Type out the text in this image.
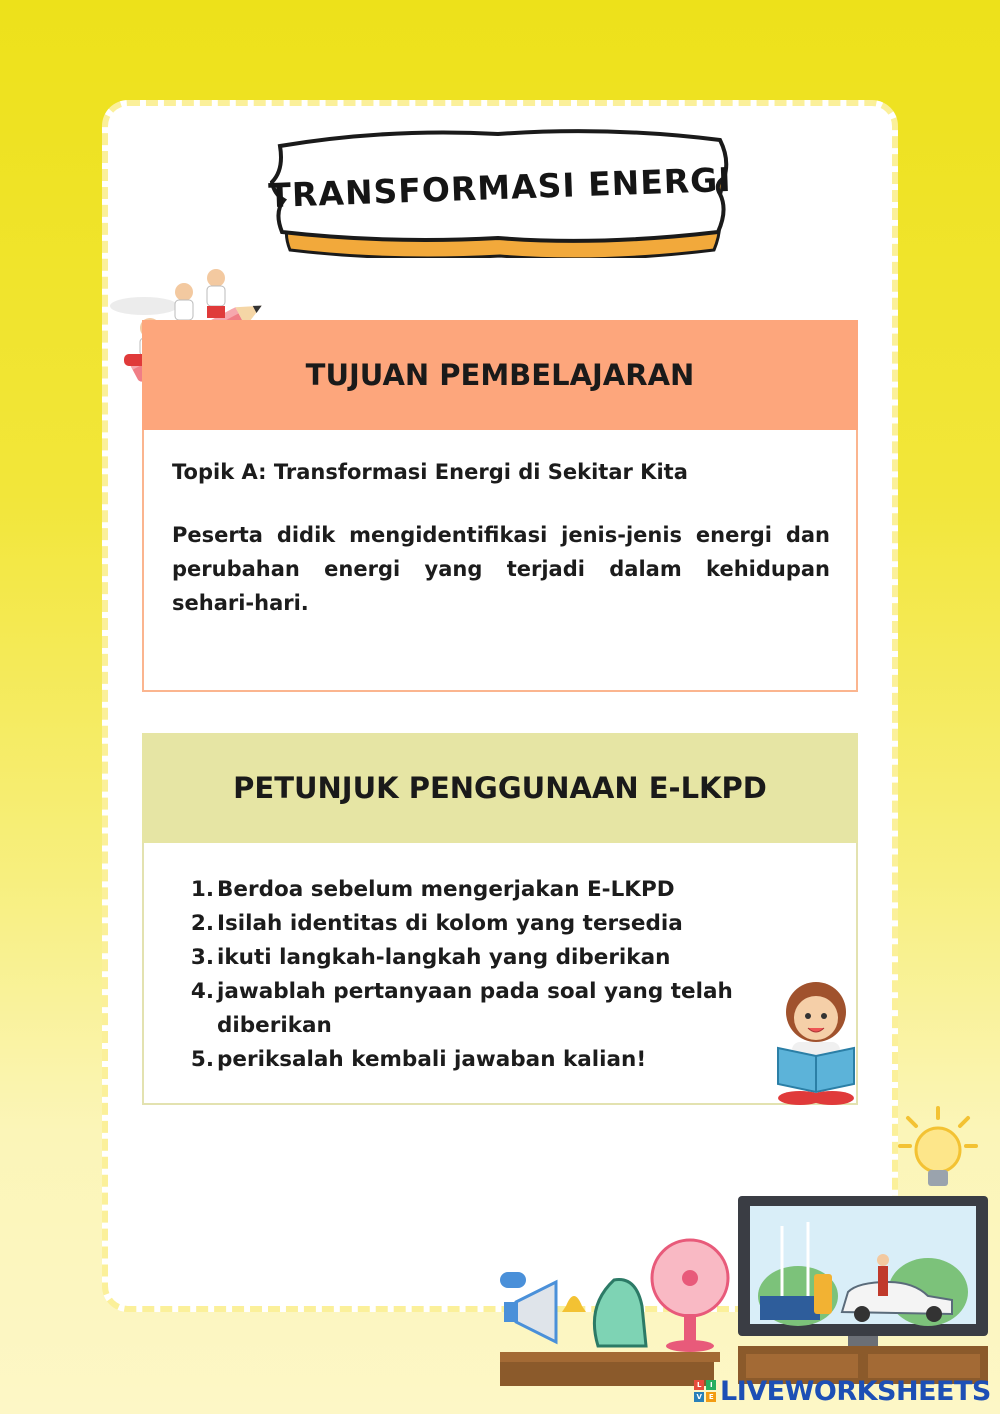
TRANSFORMASI ENERGI
TUJUAN PEMBELAJARAN
Topik A: Transformasi Energi di Sekitar Kita
Peserta didik mengidentifikasi jenis-jenis energi dan perubahan energi yang terjadi dalam kehidupan sehari-hari.
PETUNJUK PENGGUNAAN E-LKPD
1. Berdoa sebelum mengerjakan E-LKPD
2. Isilah identitas di kolom yang tersedia
3. ikuti langkah-langkah yang diberikan
4. jawablah pertanyaan pada soal yang telah diberikan
5. periksalah kembali jawaban kalian!
L	I
V	E LIVEWORKSHEETS
